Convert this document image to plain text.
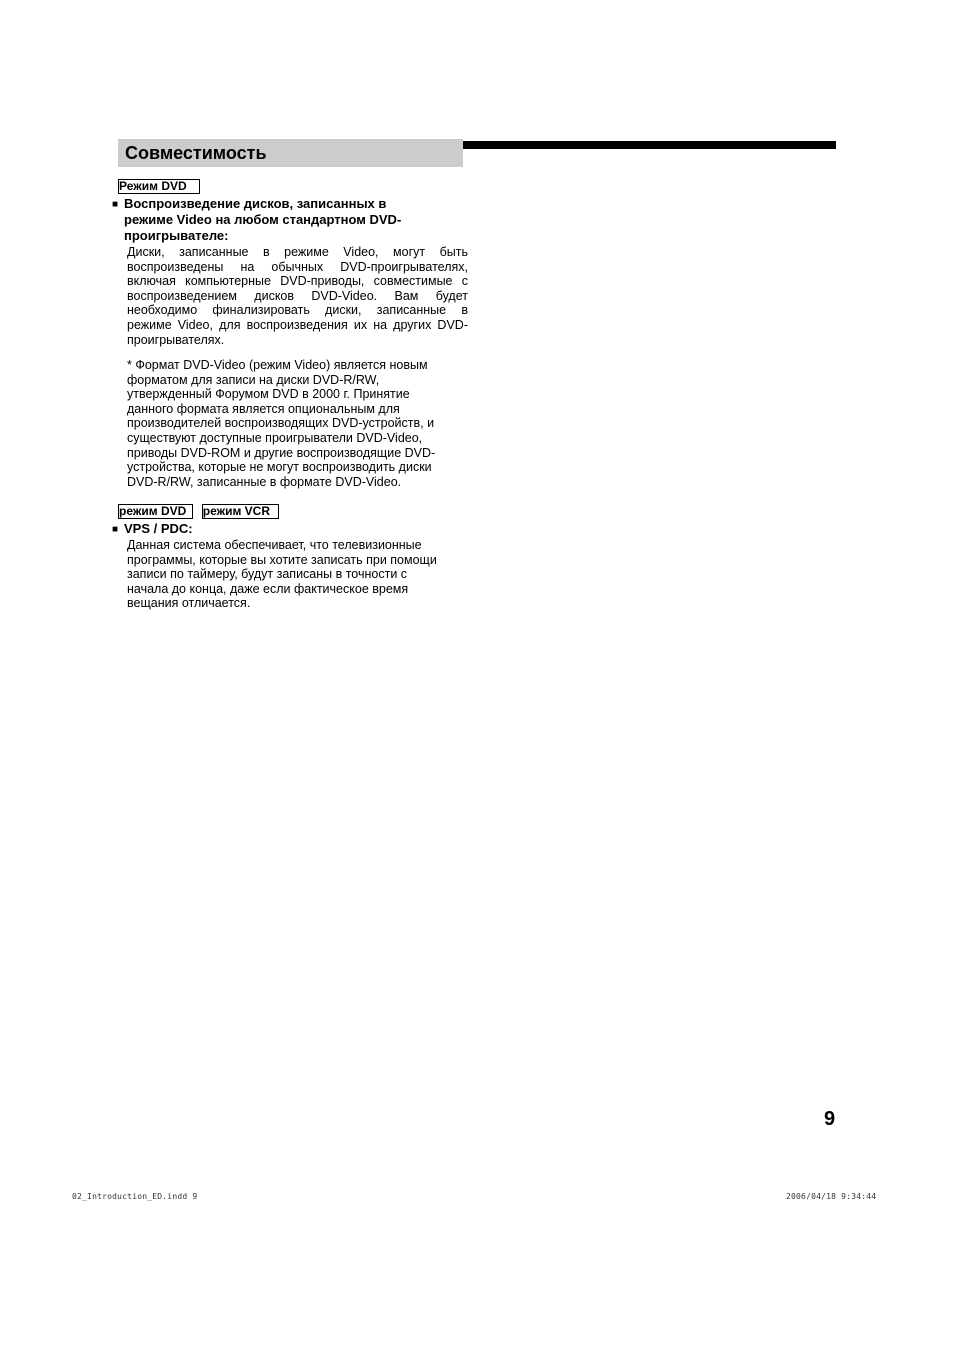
Совместимость
Режим DVD
■ Воспроизведение дисков, записанных в
режиме Video на любом стандартном DVD-
проигрывателе:
Диски, записанные в режиме Video, могут быть воспроизведены на обычных DVD-проигрывателях, включая компьютерные DVD-приводы, совместимые с воспроизведением дисков DVD-Video. Вам будет необходимо финализировать диски, записанные в режиме Video, для воспроизведения их на других DVD-проигрывателях.
* Формат DVD-Video (режим Video) является новым
форматом для записи на диски DVD-R/RW,
утвержденный Форумом DVD в 2000 г. Принятие
данного формата является опциональным для
производителей воспроизводящих DVD-устройств, и
существуют доступные проигрыватели DVD-Video,
приводы DVD-ROM и другие воспроизводящие DVD-
устройства, которые не могут воспроизводить диски
DVD-R/RW, записанные в формате DVD-Video.
режим DVD режим VCR
■ VPS / PDC:
Данная система обеспечивает, что телевизионные
программы, которые вы хотите записать при помощи
записи по таймеру, будут записаны в точности с
начала до конца, даже если фактическое время
вещания отличается.
9
02_Introduction_ED.indd 9	2006/04/18 9:34:44
